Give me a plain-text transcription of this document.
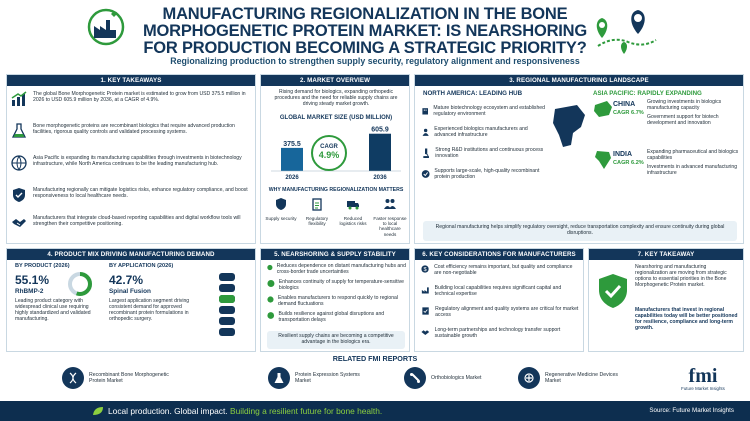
MANUFACTURING REGIONALIZATION IN THE BONE MORPHOGENETIC PROTEIN MARKET: IS NEARSHORING FOR PRODUCTION BECOMING A STRATEGIC PRIORITY?
Regionalizing production to strengthen supply security, regulatory alignment and responsiveness
1. KEY TAKEAWAYS
The global Bone Morphogenetic Protein market is estimated to grow from USD 375.5 million in 2026 to USD 605.9 million by 2036, at a CAGR of 4.9%.
Bone morphogenetic proteins are recombinant biologics that require advanced production facilities, rigorous quality controls and validated processing systems.
Asia Pacific is expanding its manufacturing capabilities through investments in biotechnology infrastructure, while North America continues to be the leading manufacturing hub.
Manufacturing regionally can mitigate logistics risks, enhance regulatory compliance, and boost responsiveness to local healthcare needs.
Manufacturers that integrate cloud-based reporting capabilities and digital workflow tools will strengthen their competitive positioning.
2. MARKET OVERVIEW
Rising demand for biologics, expanding orthopedic procedures and the need for reliable supply chains are driving steady market growth.
GLOBAL MARKET SIZE (USD MILLION)
375.5
2026
605.9
2036
CAGR
4.9%
WHY MANUFACTURING REGIONALIZATION MATTERS
Supply security	Regulatory flexibility
Reduced logistics risks
Faster response to local healthcare needs
3. REGIONAL MANUFACTURING LANDSCAPE
NORTH AMERICA: LEADING HUB
Mature biotechnology ecosystem and established regulatory environment
Experienced biologics manufacturers and advanced infrastructure
Strong R&D institutions and continuous process innovation
Supports large-scale, high-quality recombinant protein production
ASIA PACIFIC: RAPIDLY EXPANDING
CHINA
CAGR 6.7%
Growing investments in biologics manufacturing capacity
Government support for biotech development and innovation
INDIA
CAGR 6.2%
Expanding pharmaceutical and biologics capabilities
Investments in advanced manufacturing infrastructure
Regional manufacturing helps simplify regulatory oversight, reduce transportation complexity and ensure continuity during global disruptions.
4. PRODUCT MIX DRIVING MANUFACTURING DEMAND
BY PRODUCT (2026)
55.1%
RhBMP-2
Leading product category with widespread clinical use requiring highly standardized and validated manufacturing.
BY APPLICATION (2026)
42.7%
Spinal Fusion
Largest application segment driving consistent demand for approved recombinant protein formulations in orthopedic surgery.
5. NEARSHORING & SUPPLY STABILITY
Reduces dependence on distant manufacturing hubs and cross-border trade uncertainties
Enhances continuity of supply for temperature-sensitive biologics
Enables manufacturers to respond quickly to regional demand fluctuations
Builds resilience against global disruptions and transportation delays
Resilient supply chains are becoming a competitive advantage in the biologics era.
6. KEY CONSIDERATIONS FOR MANUFACTURERS
$
Cost efficiency remains important, but quality and compliance are non-negotiable
Building local capabilities requires significant capital and technical expertise
Regulatory alignment and quality systems are critical for market access
Long-term partnerships and technology transfer support sustainable growth
7. KEY TAKEAWAY
Nearshoring and manufacturing regionalization are moving from strategic options to essential priorities in the Bone Morphogenetic Protein market.
Manufacturers that invest in regional capabilities today will be better positioned for resilience, compliance and long-term growth.
RELATED FMI REPORTS
Recombinant Bone Morphogenetic Protein Market
Protein Expression Systems Market
Orthobiologics Market
Regenerative Medicine Devices Market	fmi
Future Market Insights
Local production. Global impact. Building a resilient future for bone health.	Source: Future Market Insights
